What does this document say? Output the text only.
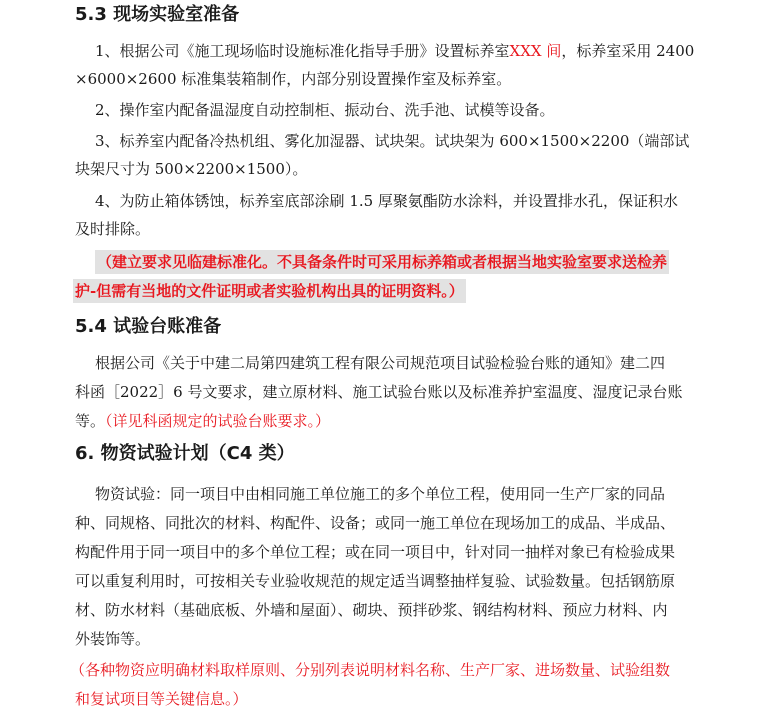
5.3 现场实验室准备
1、根据公司《施工现场临时设施标准化指导手册》设置标养室XXX 间，标养室采用 2400
×6000×2600 标准集装箱制作，内部分别设置操作室及标养室。
2、操作室内配备温湿度自动控制柜、振动台、洗手池、试模等设备。
3、标养室内配备冷热机组、雾化加湿器、试块架。试块架为 600×1500×2200（端部试
块架尺寸为 500×2200×1500）。
4、为防止箱体锈蚀，标养室底部涂刷 1.5 厚聚氨酯防水涂料，并设置排水孔，保证积水
及时排除。
（建立要求见临建标准化。不具备条件时可采用标养箱或者根据当地实验室要求送检养
护-但需有当地的文件证明或者实验机构出具的证明资料。）
5.4 试验台账准备
根据公司《关于中建二局第四建筑工程有限公司规范项目试验检验台账的通知》建二四
科函［2022］6 号文要求，建立原材料、施工试验台账以及标准养护室温度、湿度记录台账
等。（详见科函规定的试验台账要求。）
6. 物资试验计划（C4 类）
物资试验：同一项目中由相同施工单位施工的多个单位工程，使用同一生产厂家的同品
种、同规格、同批次的材料、构配件、设备；或同一施工单位在现场加工的成品、半成品、
构配件用于同一项目中的多个单位工程；或在同一项目中，针对同一抽样对象已有检验成果
可以重复利用时，可按相关专业验收规范的规定适当调整抽样复验、试验数量。包括钢筋原
材、防水材料（基础底板、外墙和屋面）、砌块、预拌砂浆、钢结构材料、预应力材料、内
外装饰等。
（各种物资应明确材料取样原则、分别列表说明材料名称、生产厂家、进场数量、试验组数
和复试项目等关键信息。）
